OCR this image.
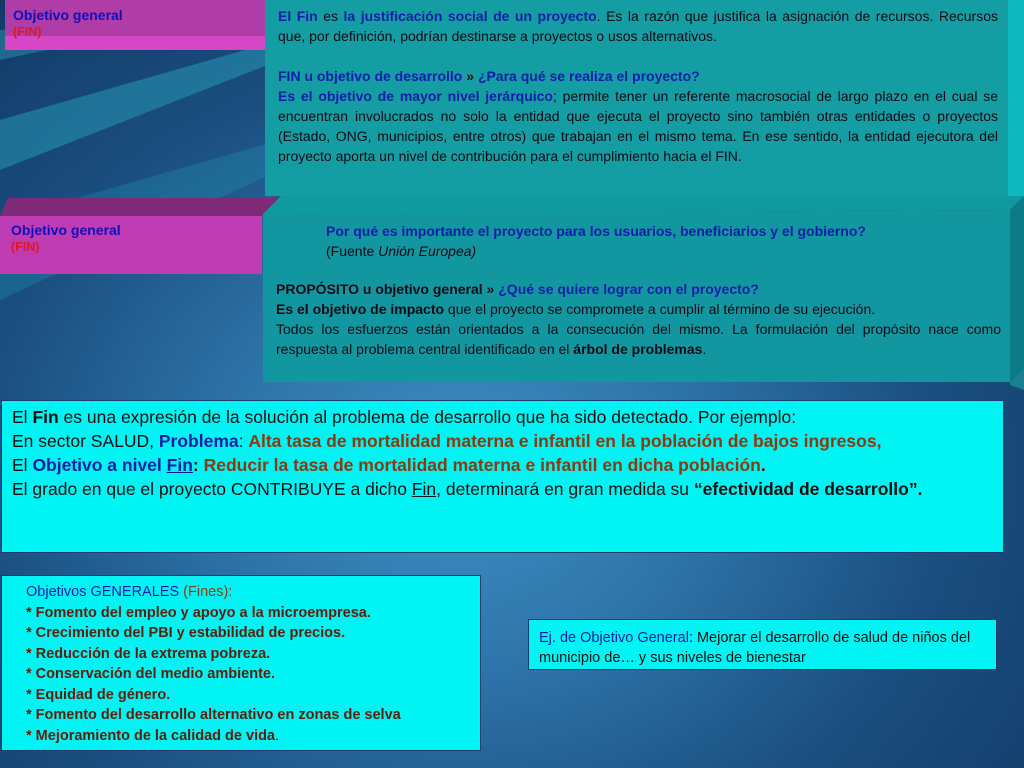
Objetivo general
(FIN)

El Fin es la justificación social de un proyecto. Es la razón que justifica la asignación de recursos. Recursos que, por definición, podrían destinarse a proyectos o usos alternativos.

FIN u objetivo de desarrollo » ¿Para qué se realiza el proyecto?

Es el objetivo de mayor nivel jerárquico; permite tener un referente macrosocial de largo plazo en el cual se encuentran involucrados no solo la entidad que ejecuta el proyecto sino también otras entidades o proyectos (Estado, ONG, municipios, entre otros) que trabajan en el mismo tema. En ese sentido, la entidad ejecutora del proyecto aporta un nivel de contribución para el cumplimiento hacia el FIN.

Objetivo general
(FIN)

Por qué es importante el proyecto para los usuarios, beneficiarios y el gobierno?

(Fuente Unión Europea)

PROPÓSITO u objetivo general » ¿Qué se quiere lograr con el proyecto?

Es el objetivo de impacto que el proyecto se compromete a cumplir al término de su ejecución.

Todos los esfuerzos están orientados a la consecución del mismo. La formulación del propósito nace como respuesta al problema central identificado en el árbol de problemas.

El Fin es una expresión de la solución al problema de desarrollo que ha sido detectado. Por ejemplo:
En sector SALUD, Problema: Alta tasa de mortalidad materna e infantil en la población de bajos ingresos,
El Objetivo a nivel Fin: Reducir la tasa de mortalidad materna e infantil en dicha población.
El grado en que el proyecto CONTRIBUYE a dicho Fin, determinará en gran medida su “efectividad de desarrollo”.
Objetivos GENERALES (Fines):
* Fomento del empleo y apoyo a la microempresa.
* Crecimiento del PBI y estabilidad de precios.
* Reducción de la extrema pobreza.
* Conservación del medio ambiente.
* Equidad de género.
* Fomento del desarrollo alternativo en zonas de selva
* Mejoramiento de la calidad de vida.
Ej. de Objetivo General: Mejorar el desarrollo de salud de niños del municipio de… y sus niveles de bienestar
